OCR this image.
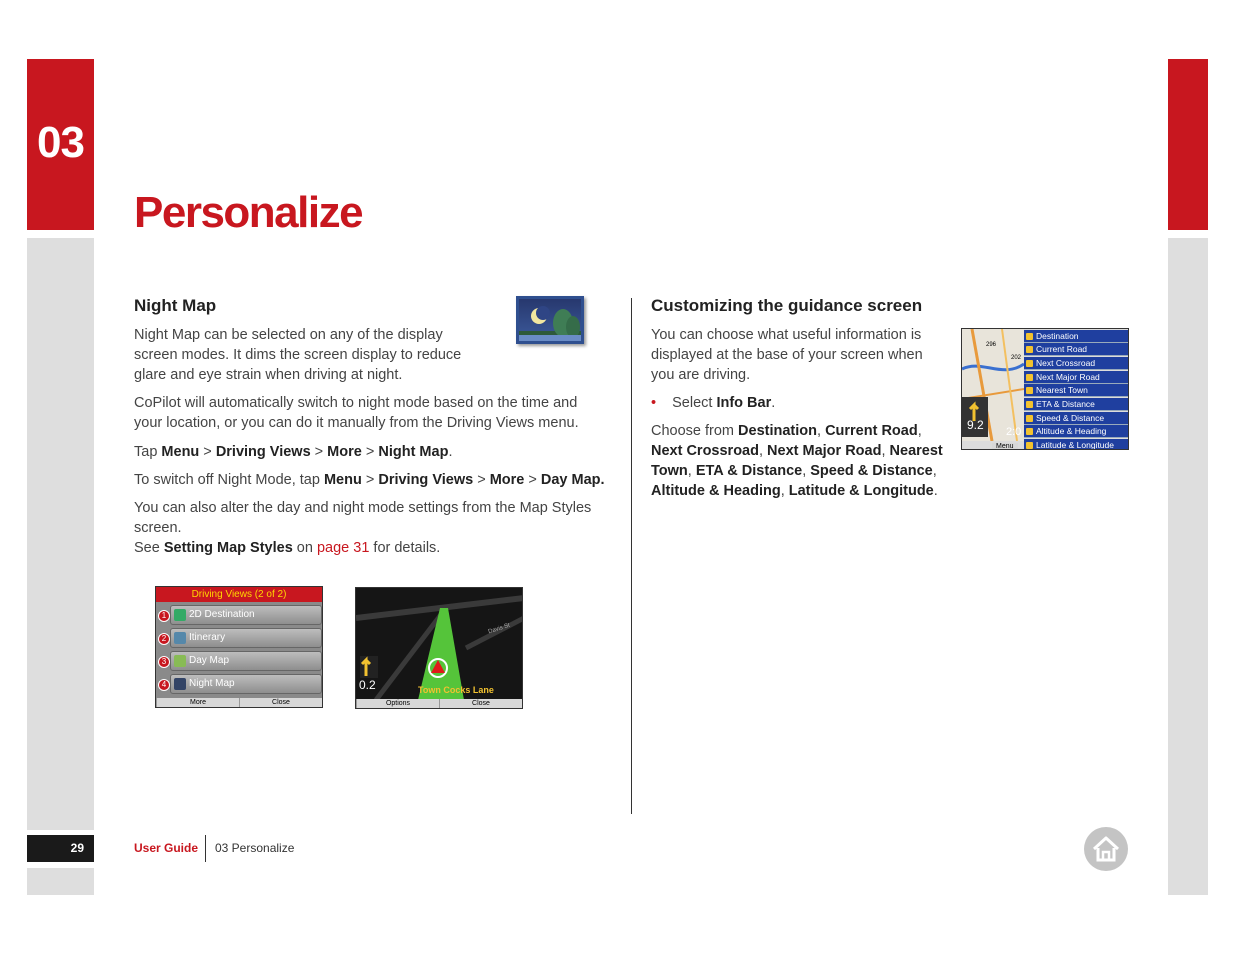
03
29
Personalize
Night Map

Night Map can be selected on any of the display screen modes. It dims the screen display to reduce glare and eye strain when driving at night.

CoPilot will automatically switch to night mode based on the time and your location, or you can do it manually from the Driving Views menu.

Tap Menu > Driving Views > More > Night Map.

To switch off Night Mode, tap Menu > Driving Views > More > Day Map.

You can also alter the day and night mode settings from the Map Styles screen.
See Setting Map Styles on page 31 for details.

Driving Views (2 of 2)
1	2D Destination
2	Itinerary
3	Day Map
4	Night Map
More	Close
0.2	Town Cocks Lane
Davis St
Options	Close
Customizing the guidance screen

You can choose what useful information is displayed at the base of your screen when you are driving.

• Select Info Bar.

Choose from Destination, Current Road, Next Crossroad, Next Major Road, Nearest Town, ETA & Distance, Speed & Distance, Altitude & Heading, Latitude & Longitude.

296
202
9.2 2:0
Destination
Current Road
Next Crossroad
Next Major Road
Nearest Town
ETA & Distance
Speed & Distance
Altitude & Heading
Latitude & Longitude
Menu
User Guide 03 Personalize
